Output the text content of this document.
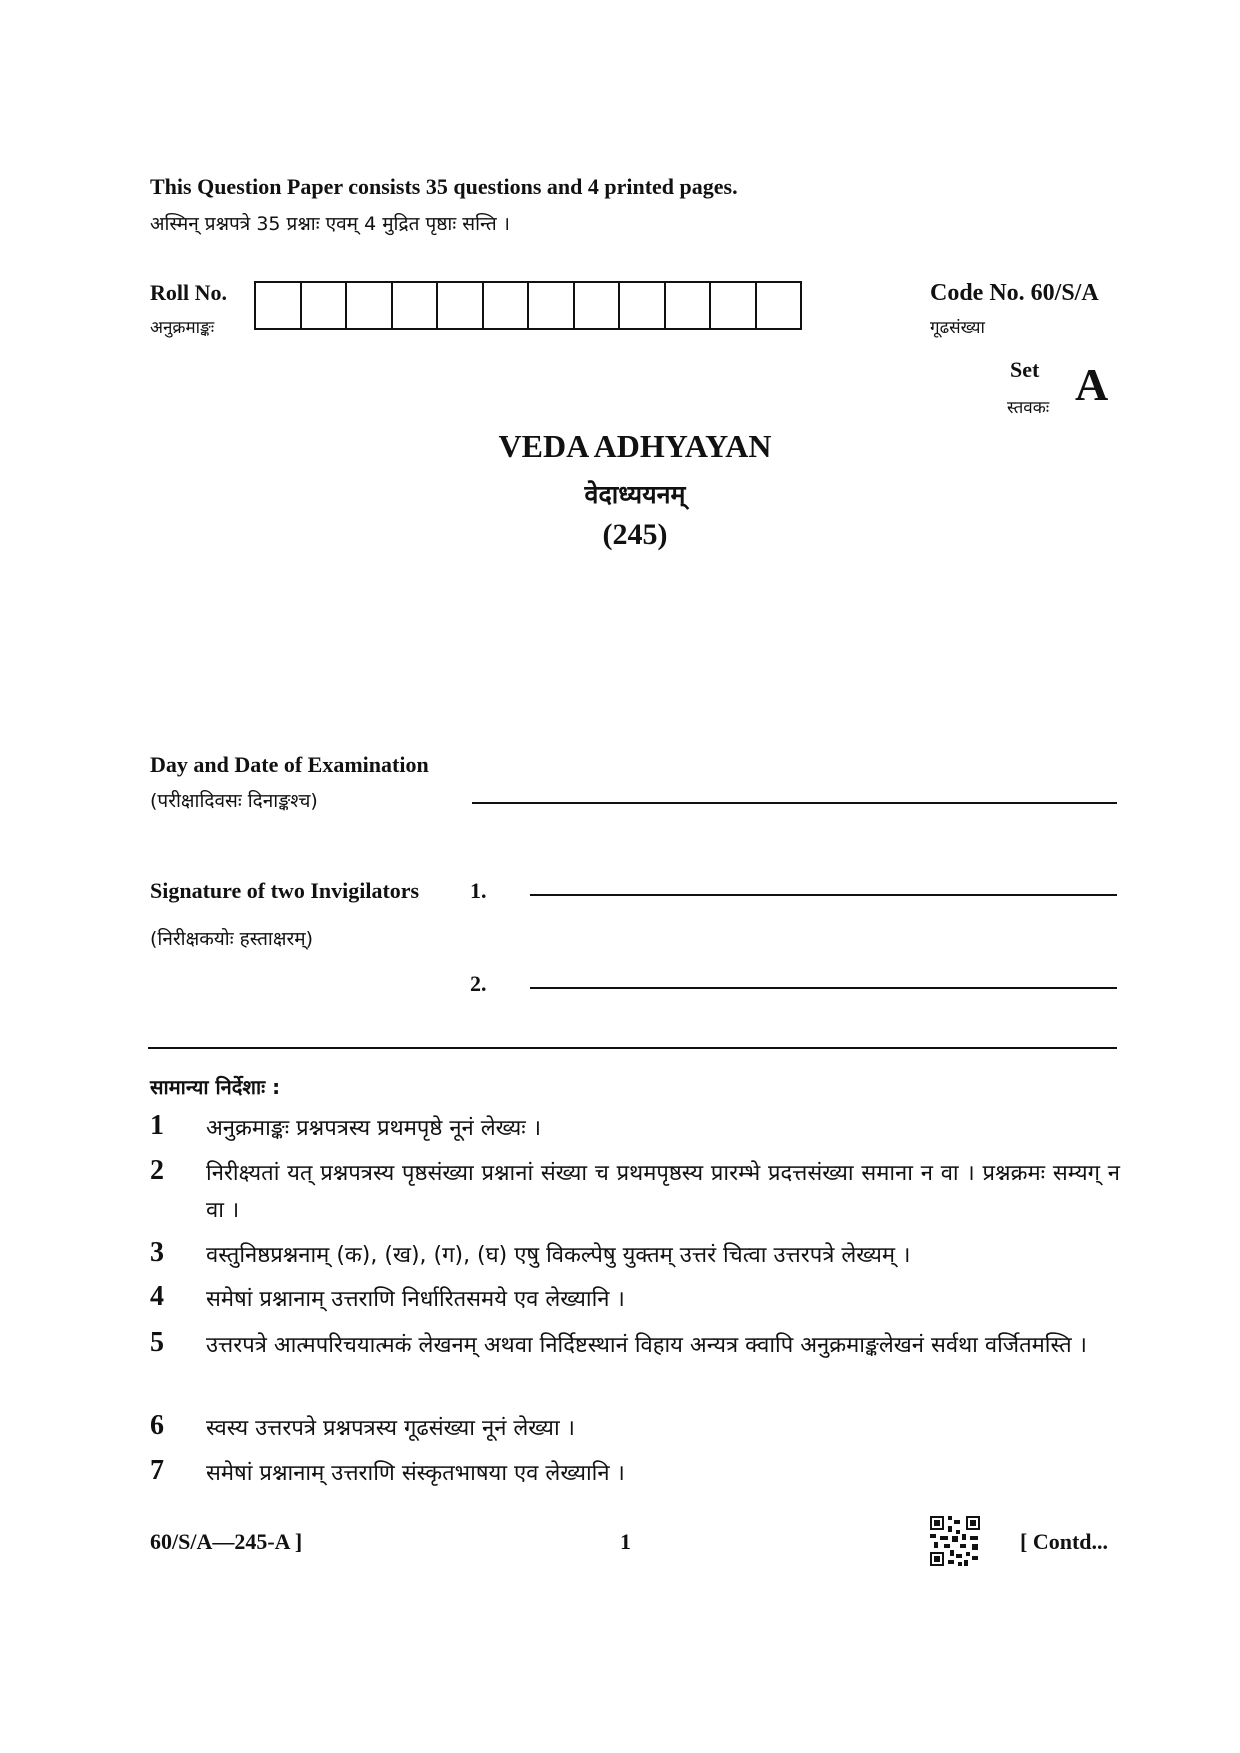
This Question Paper consists 35 questions and 4 printed pages.
अस्मिन् प्रश्नपत्रे 35 प्रश्नाः एवम् 4 मुद्रित पृष्ठाः सन्ति ।
Roll No.
अनुक्रमाङ्कः
Code No. 60/S/A
गूढसंख्या
Set
स्तवकः A
VEDA ADHYAYAN
वेदाध्ययनम्
(245)
Day and Date of Examination
(परीक्षादिवसः दिनाङ्कश्च)
Signature of two Invigilators 1.
(निरीक्षकयोः हस्ताक्षरम्)
2.
सामान्या निर्देशाः :
1	अनुक्रमाङ्कः प्रश्नपत्रस्य प्रथमपृष्ठे नूनं लेख्यः ।
2	निरीक्ष्यतां यत् प्रश्नपत्रस्य पृष्ठसंख्या प्रश्नानां संख्या च प्रथमपृष्ठस्य प्रारम्भे प्रदत्तसंख्या समाना न वा । प्रश्नक्रमः सम्यग् न वा ।
3	वस्तुनिष्ठप्रश्ननाम् (क), (ख), (ग), (घ) एषु विकल्पेषु युक्तम् उत्तरं चित्वा उत्तरपत्रे लेख्यम् ।
4	समेषां प्रश्नानाम् उत्तराणि निर्धारितसमये एव लेख्यानि ।
5	उत्तरपत्रे आत्मपरिचयात्मकं लेखनम् अथवा निर्दिष्टस्थानं विहाय अन्यत्र क्वापि अनुक्रमाङ्कलेखनं सर्वथा वर्जितमस्ति ।
6	स्वस्य उत्तरपत्रे प्रश्नपत्रस्य गूढसंख्या नूनं लेख्या ।
7	समेषां प्रश्नानाम् उत्तराणि संस्कृतभाषया एव लेख्यानि ।
60/S/A—245-A ]	1	[ Contd...
